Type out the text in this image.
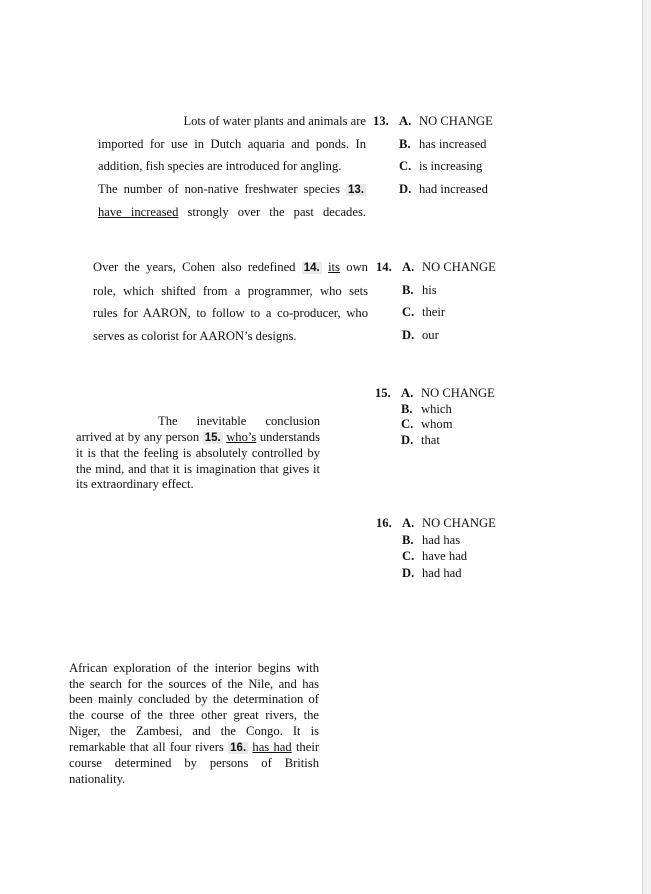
Lots of water plants and animals are

imported for use in Dutch aquaria and ponds. In

addition, fish species are introduced for angling.

The number of non-native freshwater species 13.

have increased strongly over the past decades.

13. A. NO CHANGE
B. has increased
C. is increasing
D. had increased

Over the years, Cohen also redefined 14. its own

role, which shifted from a programmer, who sets

rules for AARON, to follow to a co-producer, who

serves as colorist for AARON’s designs.

14. A. NO CHANGE
B. his
C. their
D. our
15. A. NO CHANGE
B. which
C. whom
D. that

The inevitable conclusion

arrived at by any person 15. who’s understands it is that the feeling is absolutely controlled by the mind, and that it is imagination that gives it its extraordinary effect.

16. A. NO CHANGE
B. had has
C. have had
D. had had

African exploration of the interior begins with the search for the sources of the Nile, and has been mainly concluded by the determination of the course of the three other great rivers, the Niger, the Zambesi, and the Congo. It is remarkable that all four rivers 16. has had their course determined by persons of British nationality.
